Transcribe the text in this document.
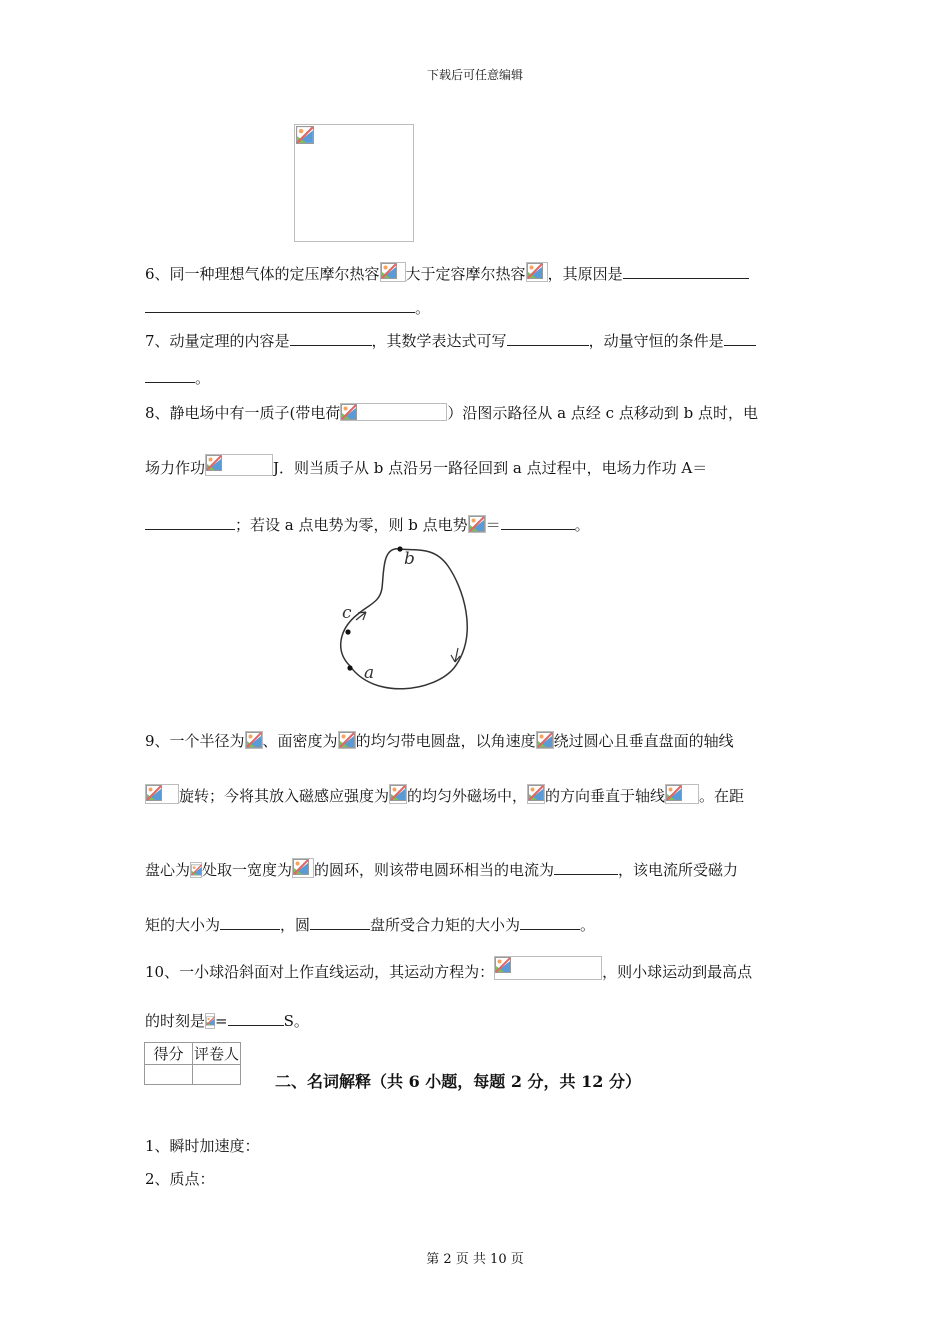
下载后可任意编辑
6、同一种理想气体的定压摩尔热容 大于定容摩尔热容 ，其原因是
。
7、动量定理的内容是	，其数学表达式可写	，动量守恒的条件是
。
8、静电场中有一质子(带电荷	）沿图示路径从 a 点经 c 点移动到 b 点时，电
场力作功	J．则当质子从 b 点沿另一路径回到 a 点过程中，电场力作功 A＝
；若设 a 点电势为零，则 b 点电势 ＝	。
b
c
a
9、一个半径为 、面密度为 的均匀带电圆盘，以角速度 绕过圆心且垂直盘面的轴线
旋转；今将其放入磁感应强度为 的均匀外磁场中， 的方向垂直于轴线 。在距
盘心为 处取一宽度为 的圆环，则该带电圆环相当的电流为	，该电流所受磁力
矩的大小为	，圆	盘所受合力矩的大小为	。
10、一小球沿斜面对上作直线运动，其运动方程为：	，则小球运动到最高点
的时刻是 =	S。
得分	评卷人

二、名词解释（共 6 小题，每题 2 分，共 12 分）
1、瞬时加速度：
2、质点：
第 2 页 共 10 页
